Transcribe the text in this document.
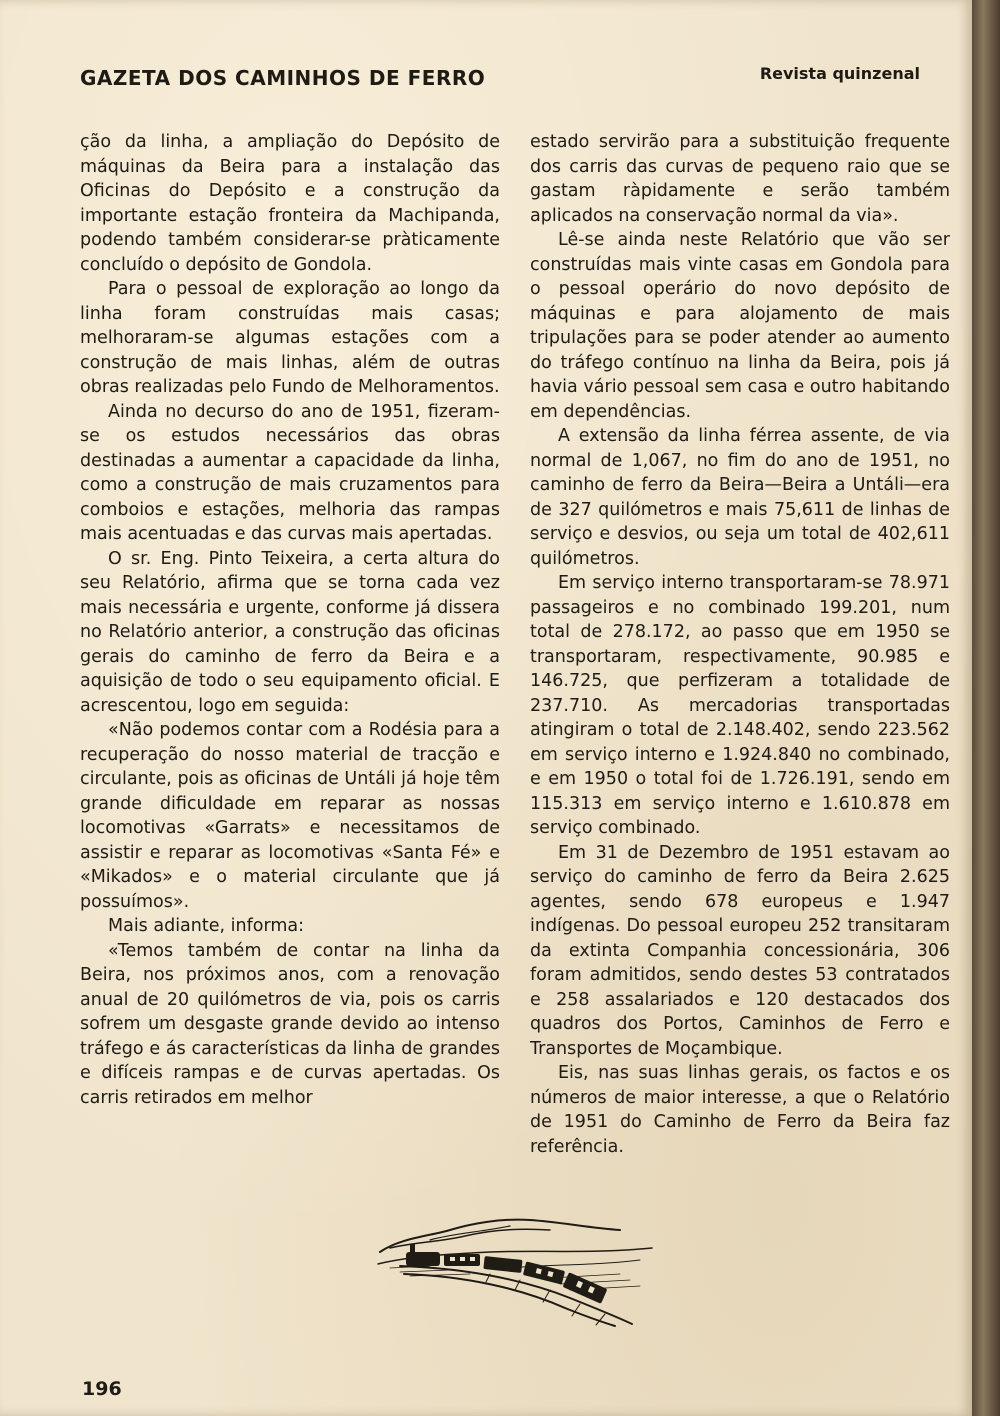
GAZETA DOS CAMINHOS DE FERRO	Revista quinzenal

ção da linha, a ampliação do Depósito de máquinas da Beira para a instalação das Oficinas do Depósito e a construção da importante estação fronteira da Machipanda, podendo também considerar-se pràticamente concluído o depósito de Gondola.

Para o pessoal de exploração ao longo da linha foram construídas mais casas; melhoraram-se algumas estações com a construção de mais linhas, além de outras obras realizadas pelo Fundo de Melhoramentos.

Ainda no decurso do ano de 1951, fizeram-se os estudos necessários das obras destinadas a aumentar a capacidade da linha, como a construção de mais cruzamentos para comboios e estações, melhoria das rampas mais acentuadas e das curvas mais apertadas.

O sr. Eng. Pinto Teixeira, a certa altura do seu Relatório, afirma que se torna cada vez mais necessária e urgente, conforme já dissera no Relatório anterior, a construção das oficinas gerais do caminho de ferro da Beira e a aquisição de todo o seu equipamento oficial. E acrescentou, logo em seguida:

«Não podemos contar com a Rodésia para a recuperação do nosso material de tracção e circulante, pois as oficinas de Untáli já hoje têm grande dificuldade em reparar as nossas locomotivas «Garrats» e necessitamos de assistir e reparar as locomotivas «Santa Fé» e «Mikados» e o material circulante que já possuímos».

Mais adiante, informa:

«Temos também de contar na linha da Beira, nos próximos anos, com a renovação anual de 20 quilómetros de via, pois os carris sofrem um desgaste grande devido ao intenso tráfego e ás características da linha de grandes e difíceis rampas e de curvas apertadas. Os carris retirados em melhor

estado servirão para a substituição frequente dos carris das curvas de pequeno raio que se gastam ràpidamente e serão também aplicados na conservação normal da via».

Lê-se ainda neste Relatório que vão ser construídas mais vinte casas em Gondola para o pessoal operário do novo depósito de máquinas e para alojamento de mais tripulações para se poder atender ao aumento do tráfego contínuo na linha da Beira, pois já havia vário pessoal sem casa e outro habitando em dependências.

A extensão da linha férrea assente, de via normal de 1,067, no fim do ano de 1951, no caminho de ferro da Beira—Beira a Untáli—era de 327 quilómetros e mais 75,611 de linhas de serviço e desvios, ou seja um total de 402,611 quilómetros.

Em serviço interno transportaram-se 78.971 passageiros e no combinado 199.201, num total de 278.172, ao passo que em 1950 se transportaram, respectivamente, 90.985 e 146.725, que perfizeram a totalidade de 237.710. As mercadorias transportadas atingiram o total de 2.148.402, sendo 223.562 em serviço interno e 1.924.840 no combinado, e em 1950 o total foi de 1.726.191, sendo em 115.313 em serviço interno e 1.610.878 em serviço combinado.

Em 31 de Dezembro de 1951 estavam ao serviço do caminho de ferro da Beira 2.625 agentes, sendo 678 europeus e 1.947 indígenas. Do pessoal europeu 252 transitaram da extinta Companhia concessionária, 306 foram admitidos, sendo destes 53 contratados e 258 assalariados e 120 destacados dos quadros dos Portos, Caminhos de Ferro e Transportes de Moçambique.

Eis, nas suas linhas gerais, os factos e os números de maior interesse, a que o Relatório de 1951 do Caminho de Ferro da Beira faz referência.

196
